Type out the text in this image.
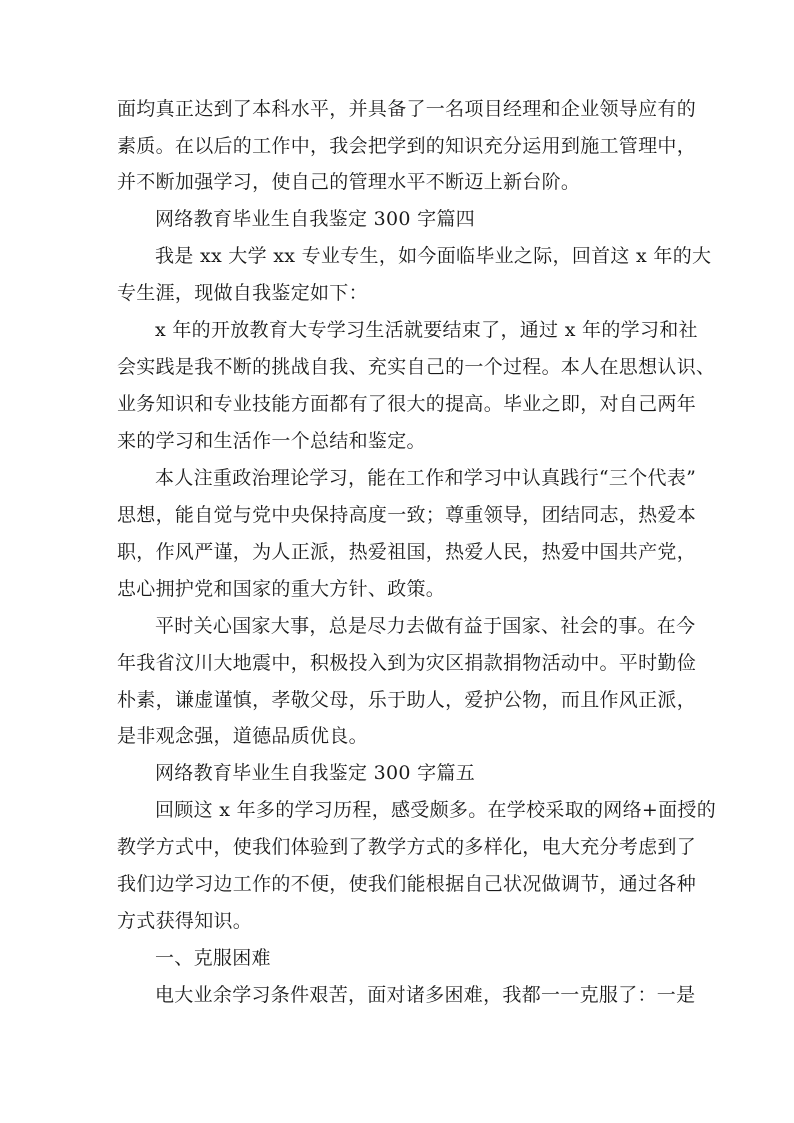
面均真正达到了本科水平，并具备了一名项目经理和企业领导应有的
素质。在以后的工作中，我会把学到的知识充分运用到施工管理中，
并不断加强学习，使自己的管理水平不断迈上新台阶。
网络教育毕业生自我鉴定 300 字篇四
我是 xx 大学 xx 专业专生，如今面临毕业之际，回首这 x 年的大
专生涯，现做自我鉴定如下：
x 年的开放教育大专学习生活就要结束了，通过 x 年的学习和社
会实践是我不断的挑战自我、充实自己的一个过程。本人在思想认识、
业务知识和专业技能方面都有了很大的提高。毕业之即，对自己两年
来的学习和生活作一个总结和鉴定。
本人注重政治理论学习，能在工作和学习中认真践行“三个代表”
思想，能自觉与党中央保持高度一致；尊重领导，团结同志，热爱本
职，作风严谨，为人正派，热爱祖国，热爱人民，热爱中国共产党，
忠心拥护党和国家的重大方针、政策。
平时关心国家大事，总是尽力去做有益于国家、社会的事。在今
年我省汶川大地震中，积极投入到为灾区捐款捐物活动中。平时勤俭
朴素，谦虚谨慎，孝敬父母，乐于助人，爱护公物，而且作风正派，
是非观念强，道德品质优良。
网络教育毕业生自我鉴定 300 字篇五
回顾这 x 年多的学习历程，感受颇多。在学校采取的网络+面授的
教学方式中，使我们体验到了教学方式的多样化，电大充分考虑到了
我们边学习边工作的不便，使我们能根据自己状况做调节，通过各种
方式获得知识。
一、克服困难
电大业余学习条件艰苦，面对诸多困难，我都一一克服了：一是
